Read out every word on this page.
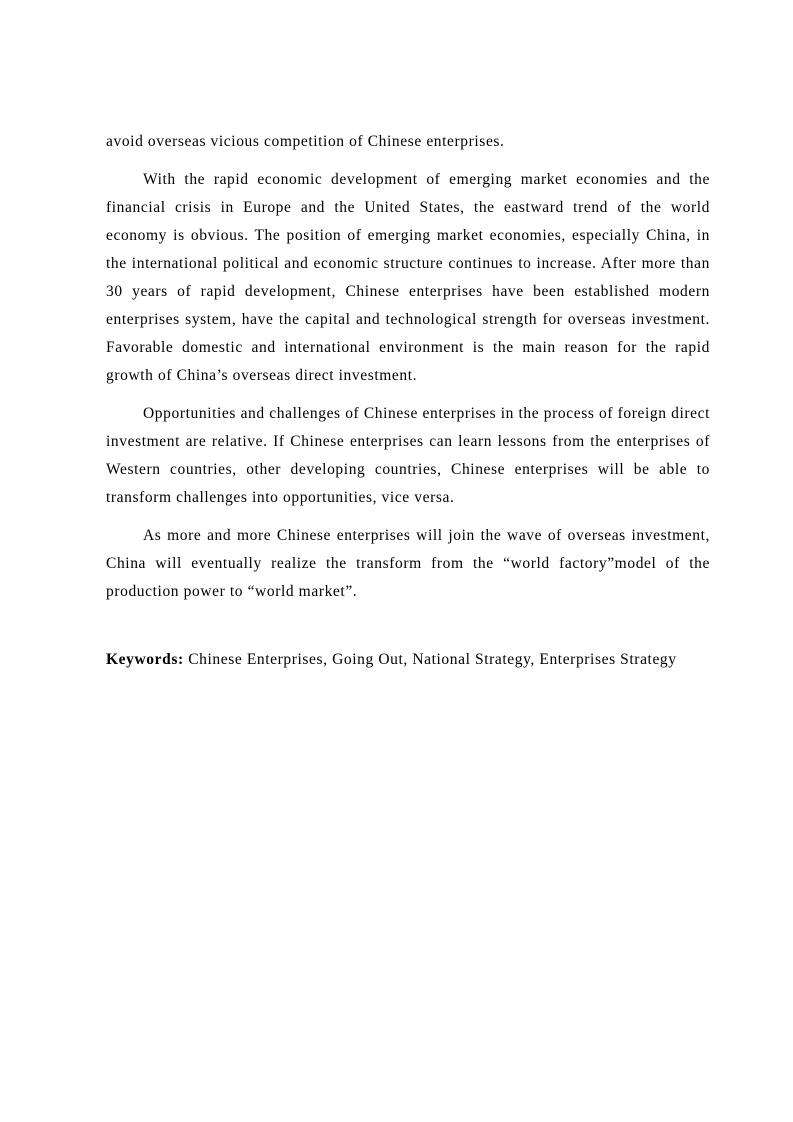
avoid overseas vicious competition of Chinese enterprises.

With the rapid economic development of emerging market economies and the financial crisis in Europe and the United States, the eastward trend of the world economy is obvious. The position of emerging market economies, especially China, in the international political and economic structure continues to increase. After more than 30 years of rapid development, Chinese enterprises have been established modern enterprises system, have the capital and technological strength for overseas investment. Favorable domestic and international environment is the main reason for the rapid growth of China’s overseas direct investment.

Opportunities and challenges of Chinese enterprises in the process of foreign direct investment are relative. If Chinese enterprises can learn lessons from the enterprises of Western countries, other developing countries, Chinese enterprises will be able to transform challenges into opportunities, vice versa.

As more and more Chinese enterprises will join the wave of overseas investment, China will eventually realize the transform from the “world factory”model of the production power to “world market”.

Keywords: Chinese Enterprises, Going Out, National Strategy, Enterprises Strategy
